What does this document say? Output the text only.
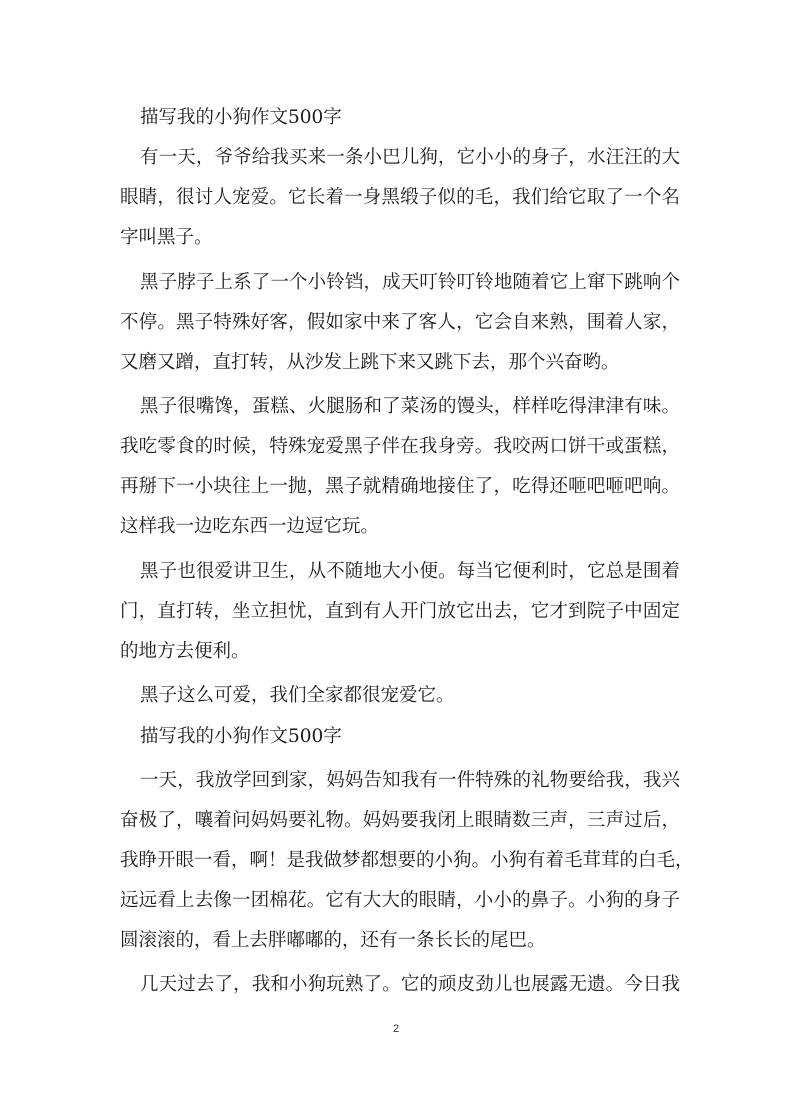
描写我的小狗作文500字
有一天，爷爷给我买来一条小巴儿狗，它小小的身子，水汪汪的大
眼睛，很讨人宠爱。它长着一身黑缎子似的毛，我们给它取了一个名
字叫黑子。
黑子脖子上系了一个小铃铛，成天叮铃叮铃地随着它上窜下跳响个
不停。黑子特殊好客，假如家中来了客人，它会自来熟，围着人家，
又磨又蹭，直打转，从沙发上跳下来又跳下去，那个兴奋哟。
黑子很嘴馋，蛋糕、火腿肠和了菜汤的馒头，样样吃得津津有味。
我吃零食的时候，特殊宠爱黑子伴在我身旁。我咬两口饼干或蛋糕，
再掰下一小块往上一抛，黑子就精确地接住了，吃得还咂吧咂吧响。
这样我一边吃东西一边逗它玩。
黑子也很爱讲卫生，从不随地大小便。每当它便利时，它总是围着
门，直打转，坐立担忧，直到有人开门放它出去，它才到院子中固定
的地方去便利。
黑子这么可爱，我们全家都很宠爱它。
描写我的小狗作文500字
一天，我放学回到家，妈妈告知我有一件特殊的礼物要给我，我兴
奋极了，嚷着问妈妈要礼物。妈妈要我闭上眼睛数三声，三声过后，
我睁开眼一看，啊！是我做梦都想要的小狗。小狗有着毛茸茸的白毛，
远远看上去像一团棉花。它有大大的眼睛，小小的鼻子。小狗的身子
圆滚滚的，看上去胖嘟嘟的，还有一条长长的尾巴。
几天过去了，我和小狗玩熟了。它的顽皮劲儿也展露无遗。今日我
2
